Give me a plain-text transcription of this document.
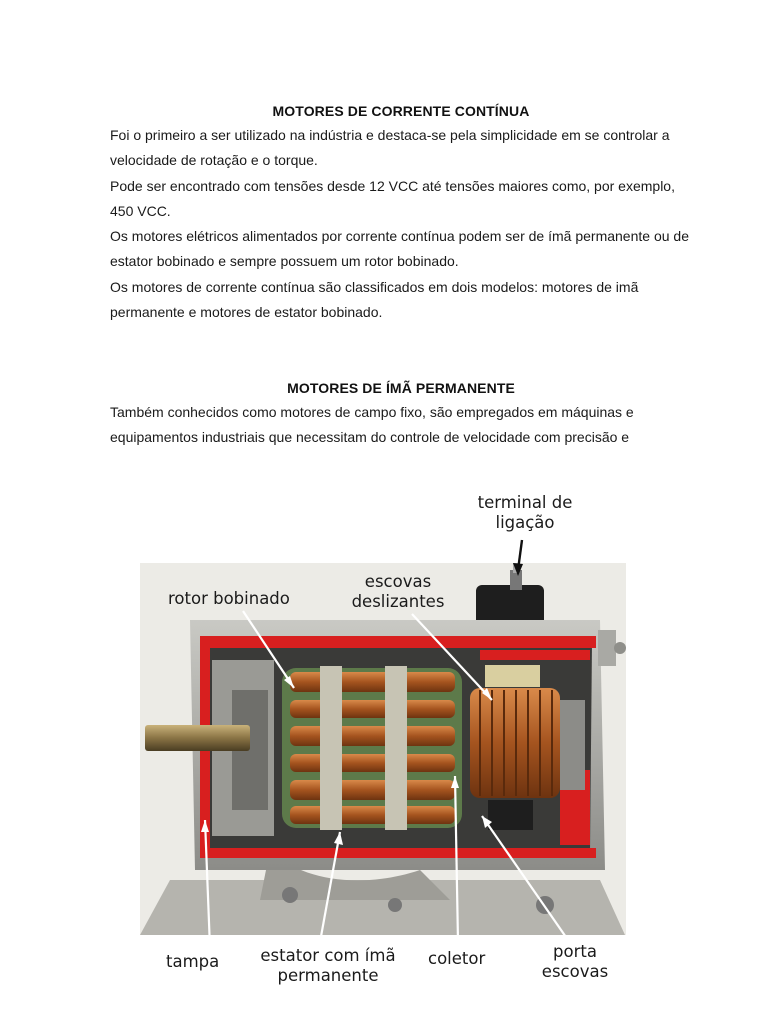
MOTORES DE CORRENTE CONTÍNUA

Foi o primeiro a ser utilizado na indústria e destaca-se pela simplicidade em se controlar a velocidade de rotação e o torque.

Pode ser encontrado com tensões desde 12 VCC até tensões maiores como, por exemplo, 450 VCC.

Os motores elétricos alimentados por corrente contínua podem ser de ímã permanente ou de estator bobinado e sempre possuem um rotor bobinado.

Os motores de corrente contínua são classificados em dois modelos: motores de imã permanente e motores de estator bobinado.

MOTORES DE ÍMÃ PERMANENTE

Também conhecidos como motores de campo fixo, são empregados em máquinas e equipamentos industriais que necessitam do controle de velocidade com precisão e

terminal de
ligação
rotor bobinado
escovas
deslizantes
tampa estator com ímã
permanente
coletor	porta
escovas
